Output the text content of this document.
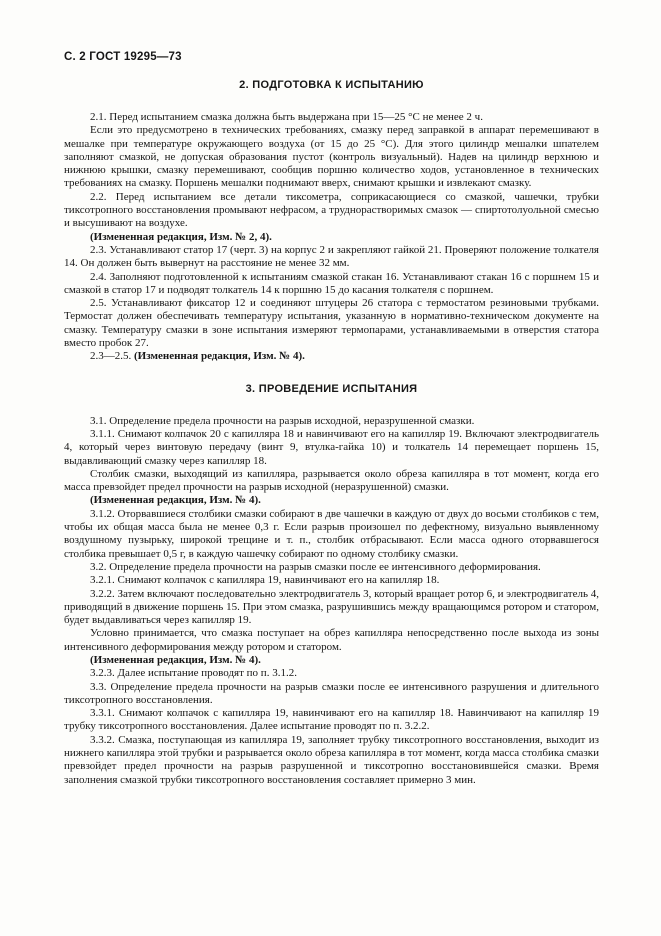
С. 2 ГОСТ 19295—73
2. ПОДГОТОВКА К ИСПЫТАНИЮ
2.1. Перед испытанием смазка должна быть выдержана при 15—25 °С не менее 2 ч.
Если это предусмотрено в технических требованиях, смазку перед заправкой в аппарат перемешивают в мешалке при температуре окружающего воздуха (от 15 до 25 °С). Для этого цилиндр мешалки шпателем заполняют смазкой, не допуская образования пустот (контроль визуальный). Надев на цилиндр верхнюю и нижнюю крышки, смазку перемешивают, сообщив поршню количество ходов, установленное в технических требованиях на смазку. Поршень мешалки поднимают вверх, снимают крышки и извлекают смазку.
2.2. Перед испытанием все детали тиксометра, соприкасающиеся со смазкой, чашечки, трубки тиксотропного восстановления промывают нефрасом, а труднорастворимых смазок — спиртотолуольной смесью и высушивают на воздухе.
(Измененная редакция, Изм. № 2, 4).
2.3. Устанавливают статор 17 (черт. 3) на корпус 2 и закрепляют гайкой 21. Проверяют положение толкателя 14. Он должен быть вывернут на расстояние не менее 32 мм.
2.4. Заполняют подготовленной к испытаниям смазкой стакан 16. Устанавливают стакан 16 с поршнем 15 и смазкой в статор 17 и подводят толкатель 14 к поршню 15 до касания толкателя с поршнем.
2.5. Устанавливают фиксатор 12 и соединяют штуцеры 26 статора с термостатом резиновыми трубками. Термостат должен обеспечивать температуру испытания, указанную в нормативно-техническом документе на смазку. Температуру смазки в зоне испытания измеряют термопарами, устанавливаемыми в отверстия статора вместо пробок 27.
2.3—2.5. (Измененная редакция, Изм. № 4).
3. ПРОВЕДЕНИЕ ИСПЫТАНИЯ
3.1. Определение предела прочности на разрыв исходной, неразрушенной смазки.
3.1.1. Снимают колпачок 20 с капилляра 18 и навинчивают его на капилляр 19. Включают электродвигатель 4, который через винтовую передачу (винт 9, втулка-гайка 10) и толкатель 14 перемещает поршень 15, выдавливающий смазку через капилляр 18.
Столбик смазки, выходящий из капилляра, разрывается около обреза капилляра в тот момент, когда его масса превзойдет предел прочности на разрыв исходной (неразрушенной) смазки.
(Измененная редакция, Изм. № 4).
3.1.2. Оторвавшиеся столбики смазки собирают в две чашечки в каждую от двух до восьми столбиков с тем, чтобы их общая масса была не менее 0,3 г. Если разрыв произошел по дефектному, визуально выявленному воздушному пузырьку, широкой трещине и т. п., столбик отбрасывают. Если масса одного оторвавшегося столбика превышает 0,5 г, в каждую чашечку собирают по одному столбику смазки.
3.2. Определение предела прочности на разрыв смазки после ее интенсивного деформирования.
3.2.1. Снимают колпачок с капилляра 19, навинчивают его на капилляр 18.
3.2.2. Затем включают последовательно электродвигатель 3, который вращает ротор 6, и электродвигатель 4, приводящий в движение поршень 15. При этом смазка, разрушившись между вращающимся ротором и статором, будет выдавливаться через капилляр 19.
Условно принимается, что смазка поступает на обрез капилляра непосредственно после выхода из зоны интенсивного деформирования между ротором и статором.
(Измененная редакция, Изм. № 4).
3.2.3. Далее испытание проводят по п. 3.1.2.
3.3. Определение предела прочности на разрыв смазки после ее интенсивного разрушения и длительного тиксотропного восстановления.
3.3.1. Снимают колпачок с капилляра 19, навинчивают его на капилляр 18. Навинчивают на капилляр 19 трубку тиксотропного восстановления. Далее испытание проводят по п. 3.2.2.
3.3.2. Смазка, поступающая из капилляра 19, заполняет трубку тиксотропного восстановления, выходит из нижнего капилляра этой трубки и разрывается около обреза капилляра в тот момент, когда масса столбика смазки превзойдет предел прочности на разрыв разрушенной и тиксотропно восстановившейся смазки. Время заполнения смазкой трубки тиксотропного восстановления составляет примерно 3 мин.
